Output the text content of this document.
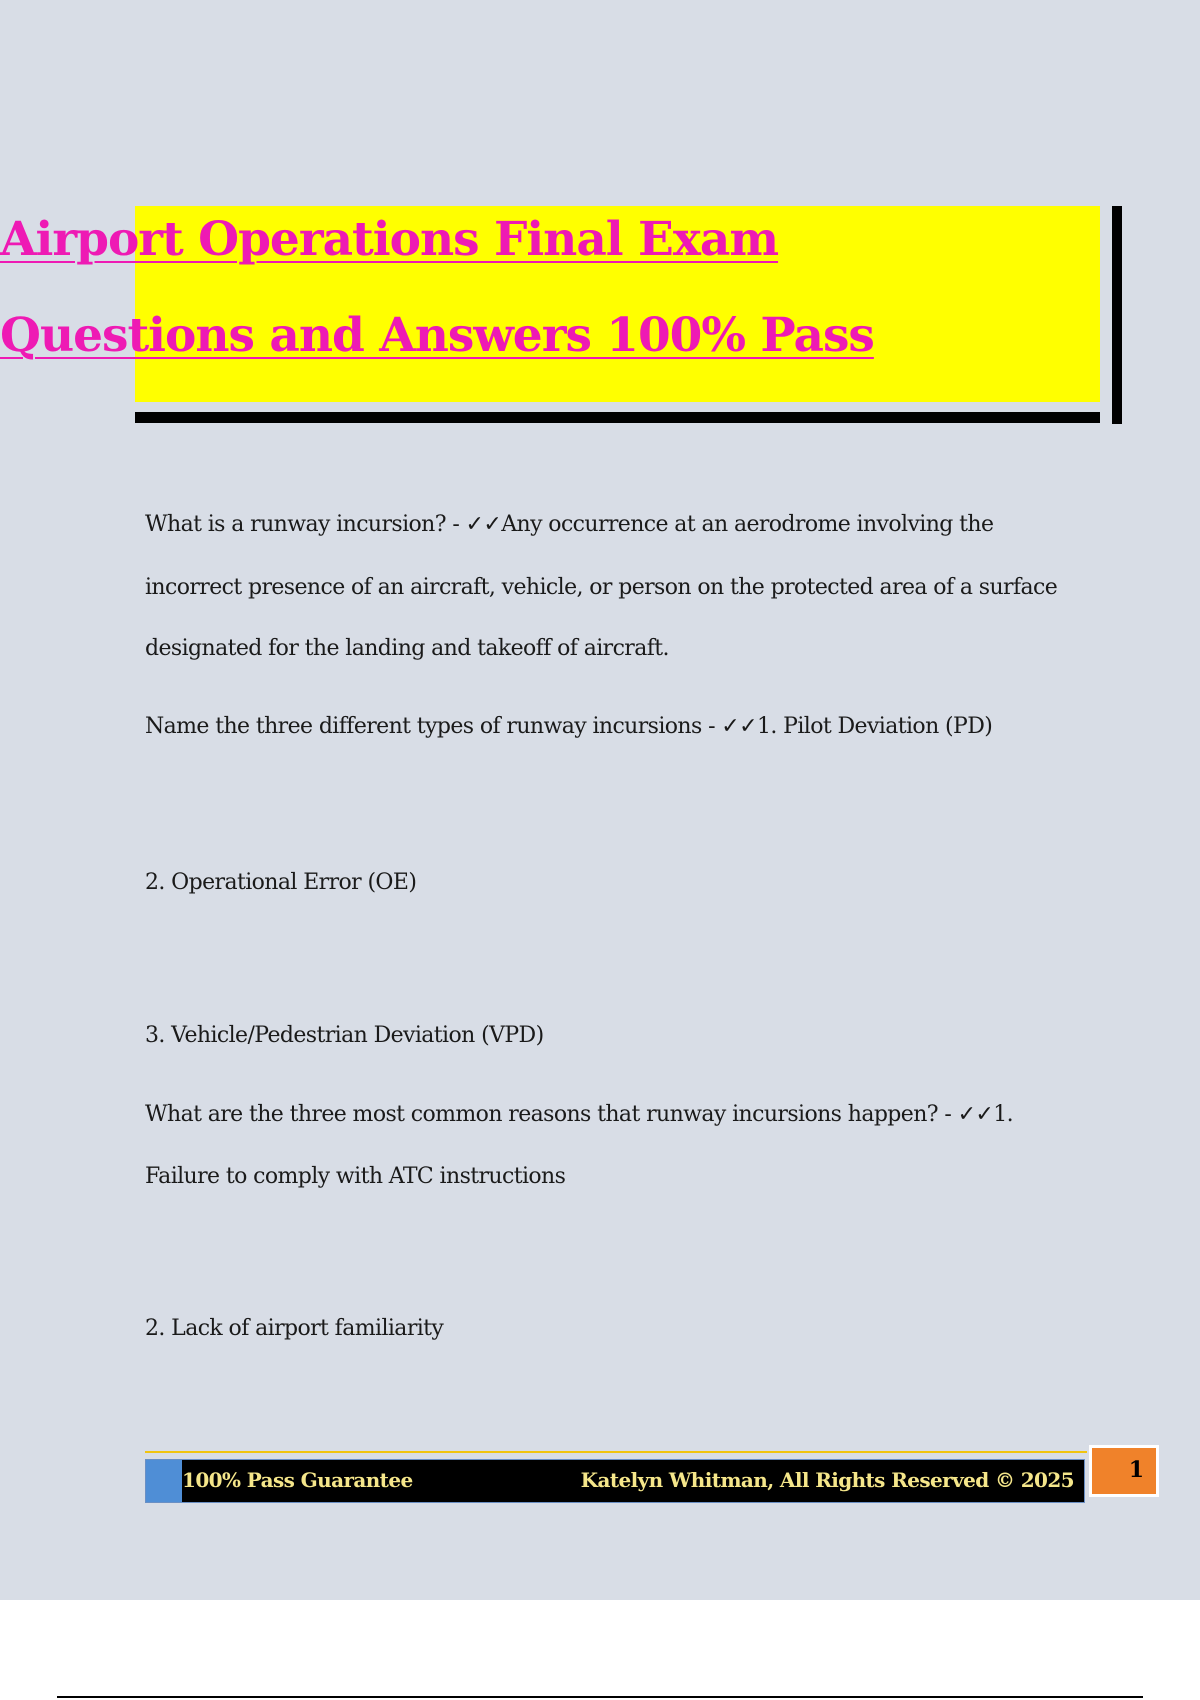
Airport Operations Final Exam
Questions and Answers 100% Pass

What is a runway incursion? - ✓✓Any occurrence at an aerodrome involving the

incorrect presence of an aircraft, vehicle, or person on the protected area of a surface

designated for the landing and takeoff of aircraft.

Name the three different types of runway incursions - ✓✓1. Pilot Deviation (PD)

2. Operational Error (OE)

3. Vehicle/Pedestrian Deviation (VPD)

What are the three most common reasons that runway incursions happen? - ✓✓1.

Failure to comply with ATC instructions

2. Lack of airport familiarity

100% Pass Guarantee	Katelyn Whitman, All Rights Reserved © 2025 1
